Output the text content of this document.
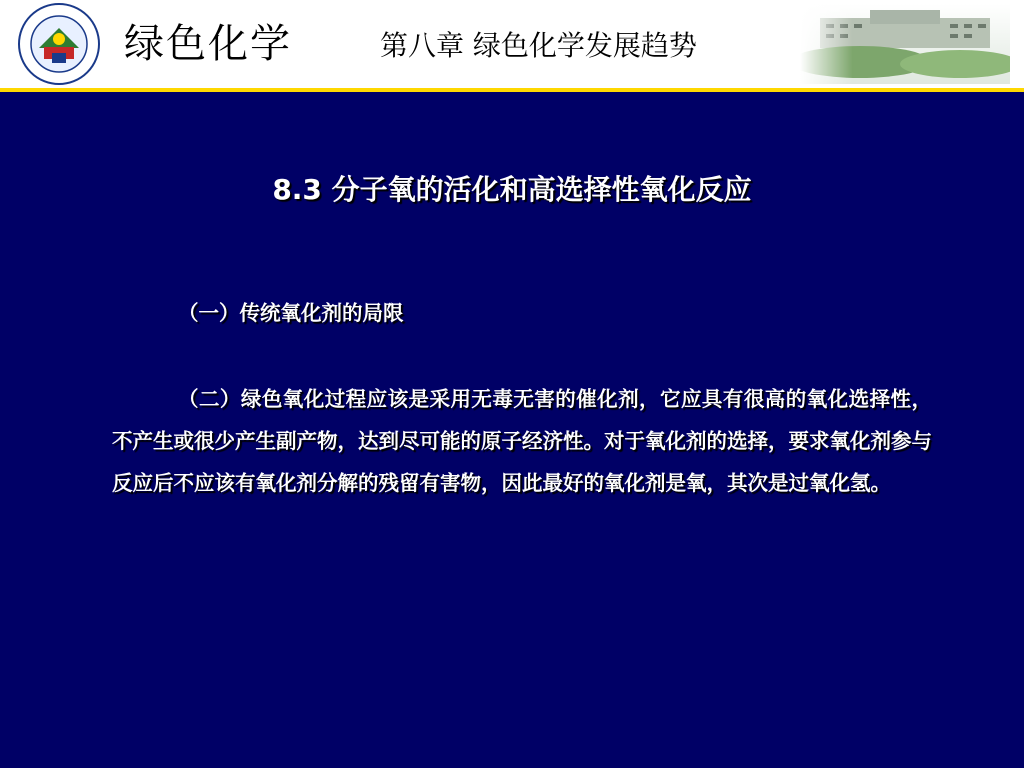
绿色化学	第八章 绿色化学发展趋势
8.3 分子氧的活化和高选择性氧化反应
（一）传统氧化剂的局限
（二）绿色氧化过程应该是采用无毒无害的催化剂，它应具有很高的氧化选择性，不产生或很少产生副产物，达到尽可能的原子经济性。对于氧化剂的选择，要求氧化剂参与反应后不应该有氧化剂分解的残留有害物，因此最好的氧化剂是氧，其次是过氧化氢。
